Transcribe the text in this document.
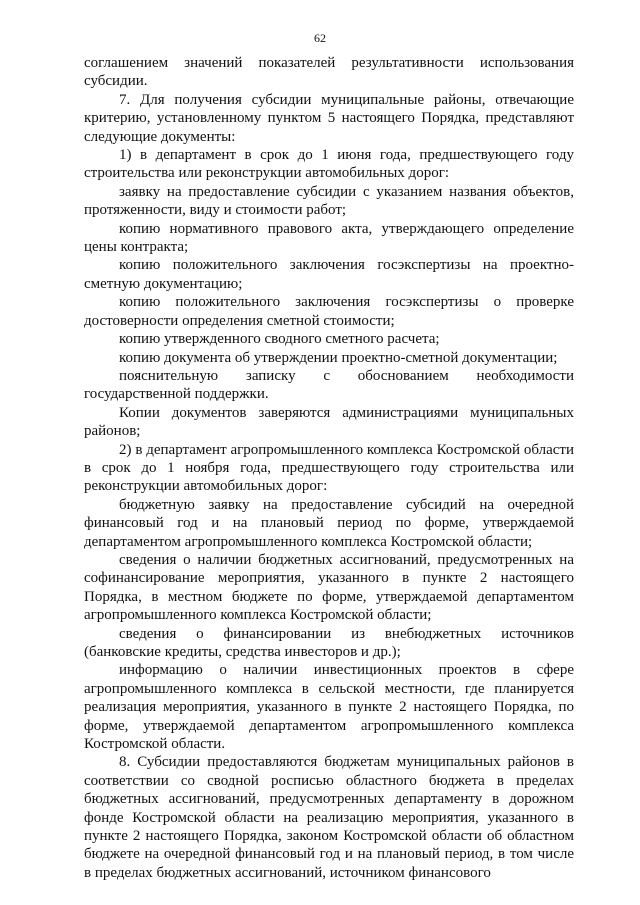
62

соглашением значений показателей результативности использования субсидии.

7. Для получения субсидии муниципальные районы, отвечающие критерию, установленному пунктом 5 настоящего Порядка, представляют следующие документы:

1) в департамент в срок до 1 июня года, предшествующего году строительства или реконструкции автомобильных дорог:

заявку на предоставление субсидии с указанием названия объектов, протяженности, виду и стоимости работ;

копию нормативного правового акта, утверждающего определение цены контракта;

копию положительного заключения госэкспертизы на проектно-сметную документацию;

копию положительного заключения госэкспертизы о проверке достоверности определения сметной стоимости;

копию утвержденного сводного сметного расчета;

копию документа об утверждении проектно-сметной документации;

пояснительную записку с обоснованием необходимости государственной поддержки.

Копии документов заверяются администрациями муниципальных районов;

2) в департамент агропромышленного комплекса Костромской области в срок до 1 ноября года, предшествующего году строительства или реконструкции автомобильных дорог:

бюджетную заявку на предоставление субсидий на очередной финансовый год и на плановый период по форме, утверждаемой департаментом агропромышленного комплекса Костромской области;

сведения о наличии бюджетных ассигнований, предусмотренных на софинансирование мероприятия, указанного в пункте 2 настоящего Порядка, в местном бюджете по форме, утверждаемой департаментом агропромышленного комплекса Костромской области;

сведения о финансировании из внебюджетных источников (банковские кредиты, средства инвесторов и др.);

информацию о наличии инвестиционных проектов в сфере агропромышленного комплекса в сельской местности, где планируется реализация мероприятия, указанного в пункте 2 настоящего Порядка, по форме, утверждаемой департаментом агропромышленного комплекса Костромской области.

8. Субсидии предоставляются бюджетам муниципальных районов в соответствии со сводной росписью областного бюджета в пределах бюджетных ассигнований, предусмотренных департаменту в дорожном фонде Костромской области на реализацию мероприятия, указанного в пункте 2 настоящего Порядка, законом Костромской области об областном бюджете на очередной финансовый год и на плановый период, в том числе в пределах бюджетных ассигнований, источником финансового
